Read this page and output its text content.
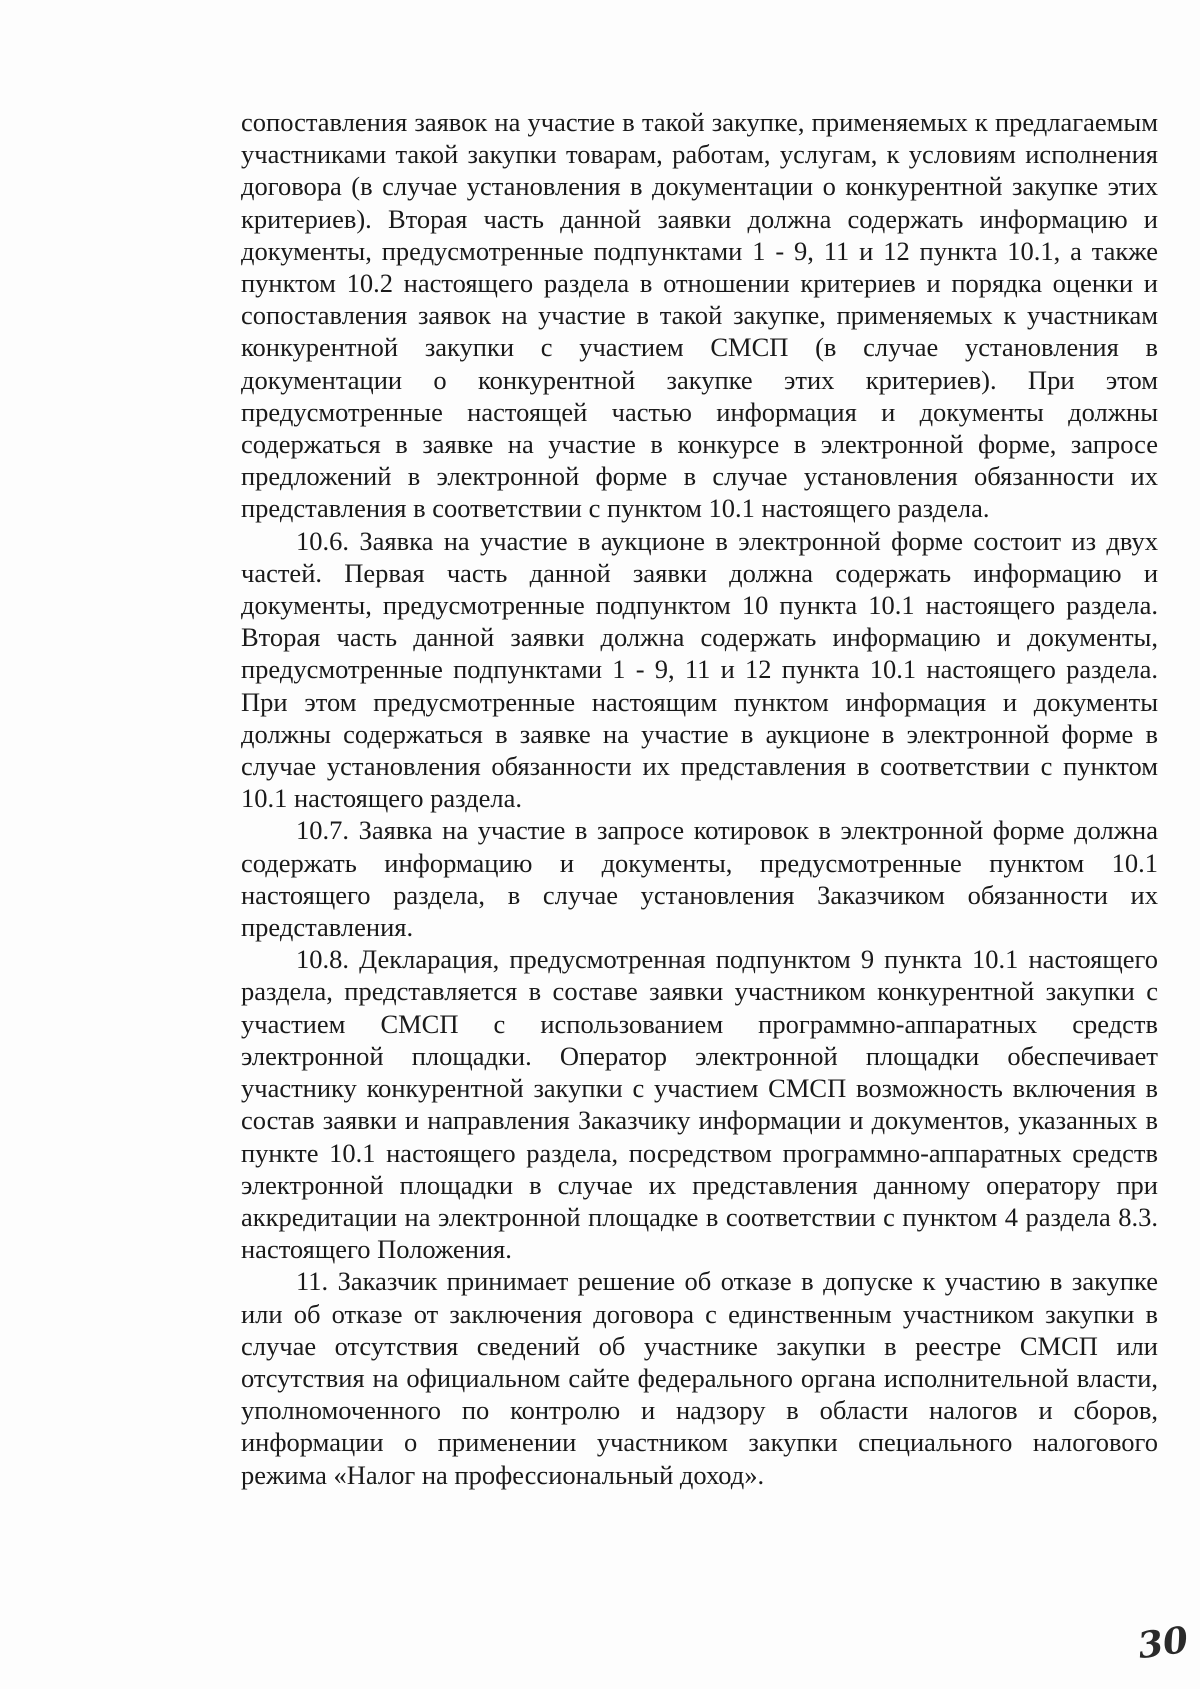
сопоставления заявок на участие в такой закупке, применяемых к предлагаемым участниками такой закупки товарам, работам, услугам, к условиям исполнения договора (в случае установления в документации о конкурентной закупке этих критериев). Вторая часть данной заявки должна содержать информацию и документы, предусмотренные подпунктами 1 - 9, 11 и 12 пункта 10.1, а также пунктом 10.2 настоящего раздела в отношении критериев и порядка оценки и сопоставления заявок на участие в такой закупке, применяемых к участникам конкурентной закупки с участием СМСП (в случае установления в документации о конкурентной закупке этих критериев). При этом предусмотренные настоящей частью информация и документы должны содержаться в заявке на участие в конкурсе в электронной форме, запросе предложений в электронной форме в случае установления обязанности их представления в соответствии с пунктом 10.1 настоящего раздела.

10.6. Заявка на участие в аукционе в электронной форме состоит из двух частей. Первая часть данной заявки должна содержать информацию и документы, предусмотренные подпунктом 10 пункта 10.1 настоящего раздела. Вторая часть данной заявки должна содержать информацию и документы, предусмотренные подпунктами 1 - 9, 11 и 12 пункта 10.1 настоящего раздела. При этом предусмотренные настоящим пунктом информация и документы должны содержаться в заявке на участие в аукционе в электронной форме в случае установления обязанности их представления в соответствии с пунктом 10.1 настоящего раздела.

10.7. Заявка на участие в запросе котировок в электронной форме должна содержать информацию и документы, предусмотренные пунктом 10.1 настоящего раздела, в случае установления Заказчиком обязанности их представления.

10.8. Декларация, предусмотренная подпунктом 9 пункта 10.1 настоящего раздела, представляется в составе заявки участником конкурентной закупки с участием СМСП с использованием программно-аппаратных средств электронной площадки. Оператор электронной площадки обеспечивает участнику конкурентной закупки с участием СМСП возможность включения в состав заявки и направления Заказчику информации и документов, указанных в пункте 10.1 настоящего раздела, посредством программно-аппаратных средств электронной площадки в случае их представления данному оператору при аккредитации на электронной площадке в соответствии с пунктом 4 раздела 8.3. настоящего Положения.

11. Заказчик принимает решение об отказе в допуске к участию в закупке или об отказе от заключения договора с единственным участником закупки в случае отсутствия сведений об участнике закупки в реестре СМСП или отсутствия на официальном сайте федерального органа исполнительной власти, уполномоченного по контролю и надзору в области налогов и сборов, информации о применении участником закупки специального налогового режима «Налог на профессиональный доход».

30
